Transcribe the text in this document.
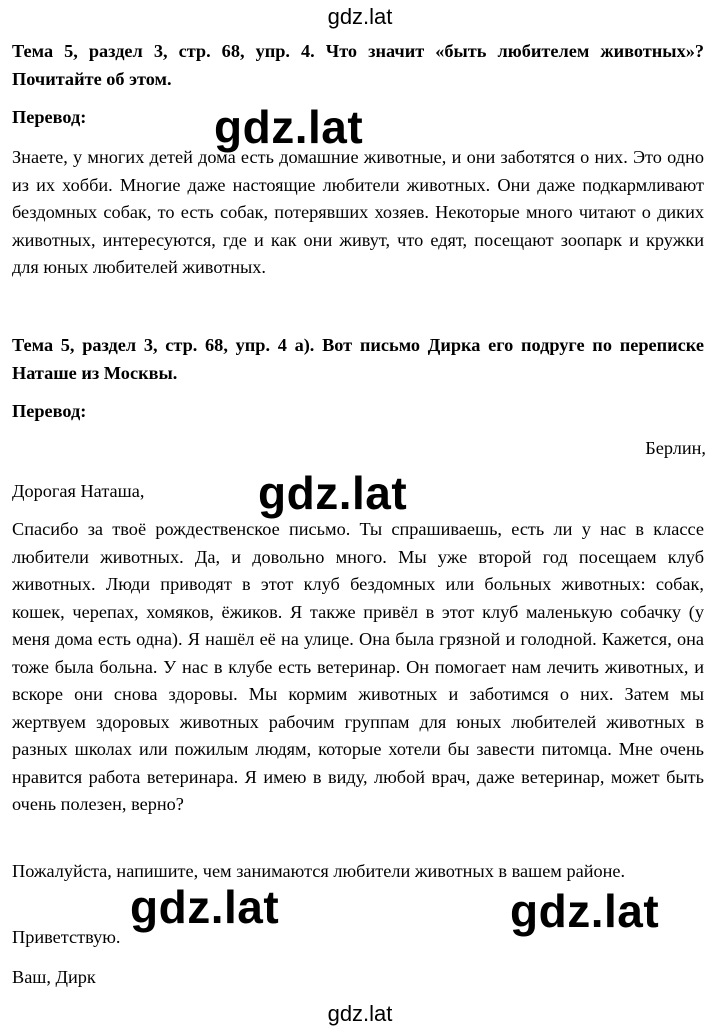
gdz.lat
Тема 5, раздел 3, стр. 68, упр. 4. Что значит «быть любителем животных»? Почитайте об этом.
Перевод:
Знаете, у многих детей дома есть домашние животные, и они заботятся о них. Это одно из их хобби. Многие даже настоящие любители животных. Они даже подкармливают бездомных собак, то есть собак, потерявших хозяев. Некоторые много читают о диких животных, интересуются, где и как они живут, что едят, посещают зоопарк и кружки для юных любителей животных.
Тема 5, раздел 3, стр. 68, упр. 4 а). Вот письмо Дирка его подруге по переписке Наташе из Москвы.
Перевод:
Берлин,
Дорогая Наташа,
Спасибо за твоё рождественское письмо. Ты спрашиваешь, есть ли у нас в классе любители животных. Да, и довольно много. Мы уже второй год посещаем клуб животных. Люди приводят в этот клуб бездомных или больных животных: собак, кошек, черепах, хомяков, ёжиков. Я также привёл в этот клуб маленькую собачку (у меня дома есть одна). Я нашёл её на улице. Она была грязной и голодной. Кажется, она тоже была больна. У нас в клубе есть ветеринар. Он помогает нам лечить животных, и вскоре они снова здоровы. Мы кормим животных и заботимся о них. Затем мы жертвуем здоровых животных рабочим группам для юных любителей животных в разных школах или пожилым людям, которые хотели бы завести питомца. Мне очень нравится работа ветеринара. Я имею в виду, любой врач, даже ветеринар, может быть очень полезен, верно?
Пожалуйста, напишите, чем занимаются любители животных в вашем районе.
Приветствую.
Ваш, Дирк
gdz.lat
gdz.lat
gdz.lat	gdz.lat
gdz.lat
